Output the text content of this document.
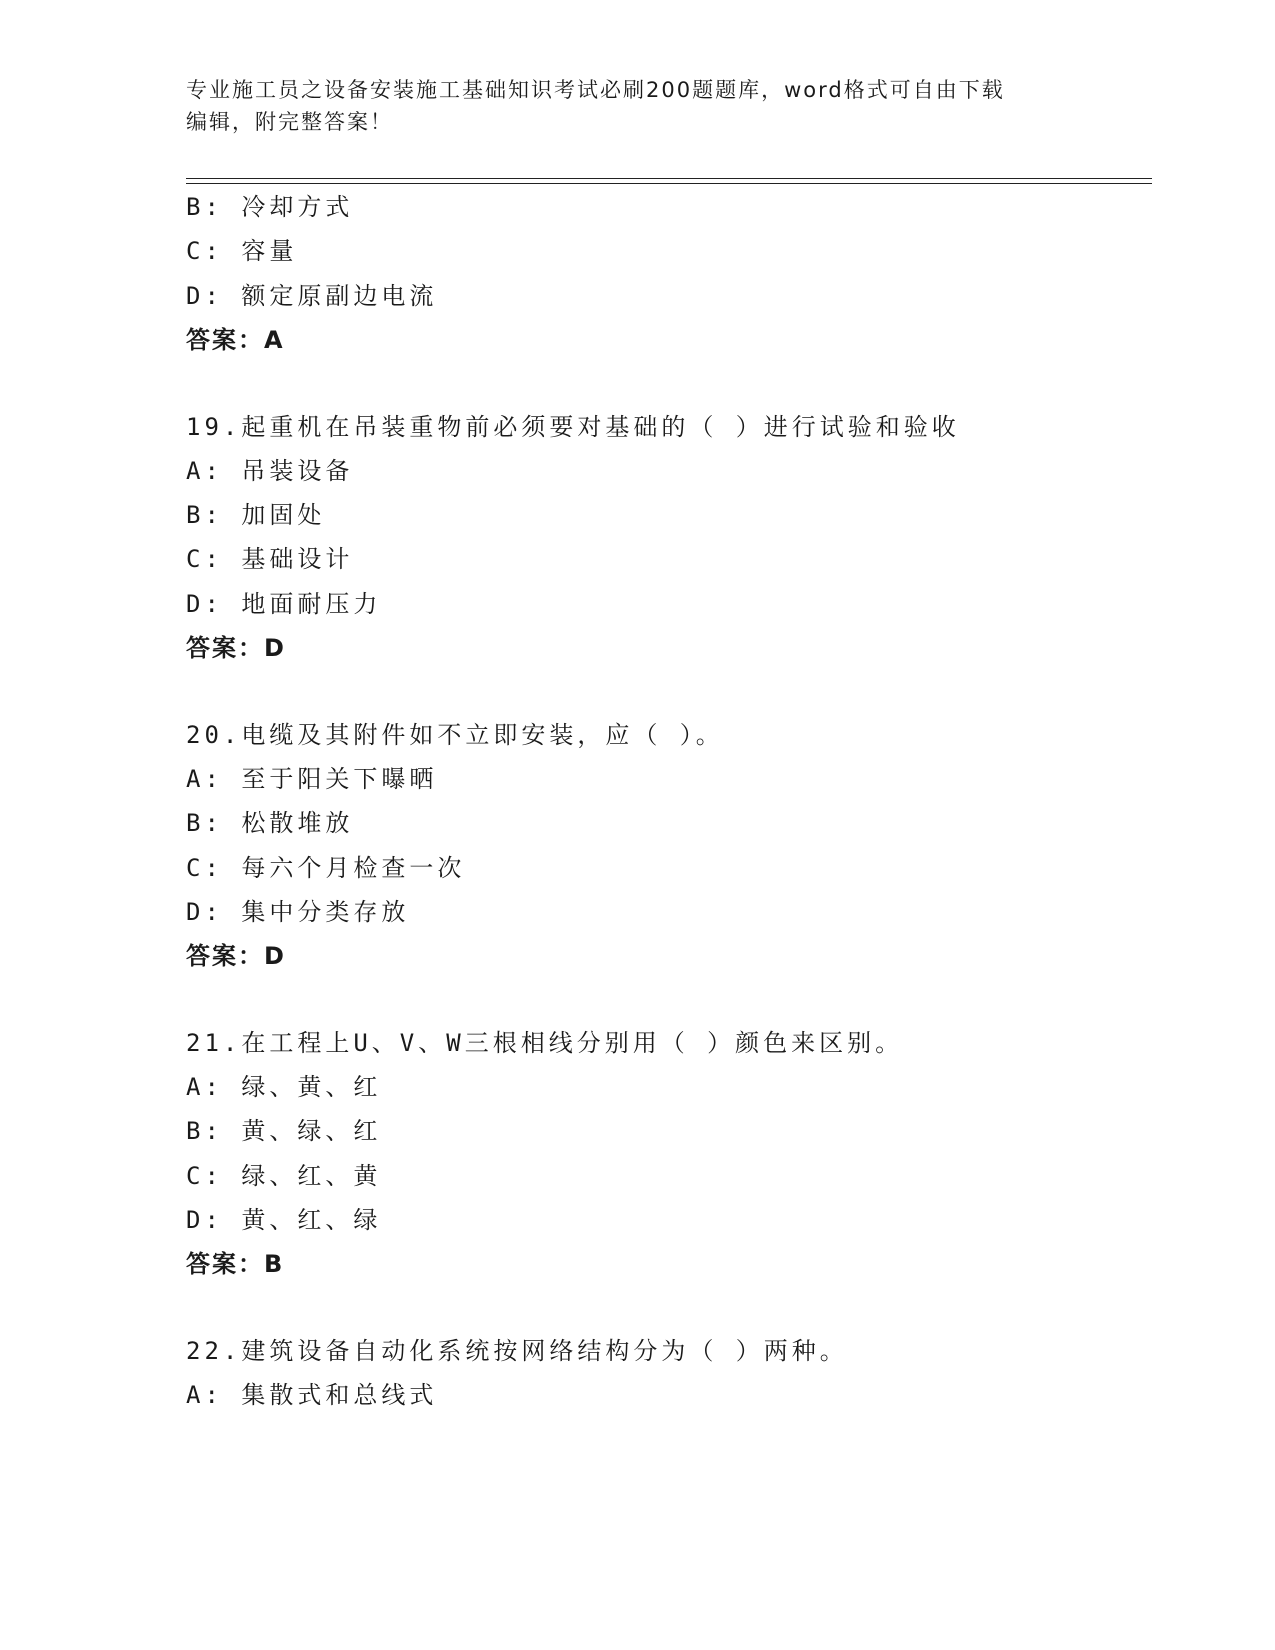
专业施工员之设备安装施工基础知识考试必刷200题题库，word格式可自由下载
编辑，附完整答案！
B: 冷却方式
C: 容量
D: 额定原副边电流
答案：A
19.起重机在吊装重物前必须要对基础的（ ）进行试验和验收
A: 吊装设备
B: 加固处
C: 基础设计
D: 地面耐压力
答案：D
20.电缆及其附件如不立即安装，应（ ）。
A: 至于阳关下曝晒
B: 松散堆放
C: 每六个月检查一次
D: 集中分类存放
答案：D
21.在工程上U、V、W三根相线分别用（ ）颜色来区别。
A: 绿、黄、红
B: 黄、绿、红
C: 绿、红、黄
D: 黄、红、绿
答案：B
22.建筑设备自动化系统按网络结构分为（ ）两种。
A: 集散式和总线式
